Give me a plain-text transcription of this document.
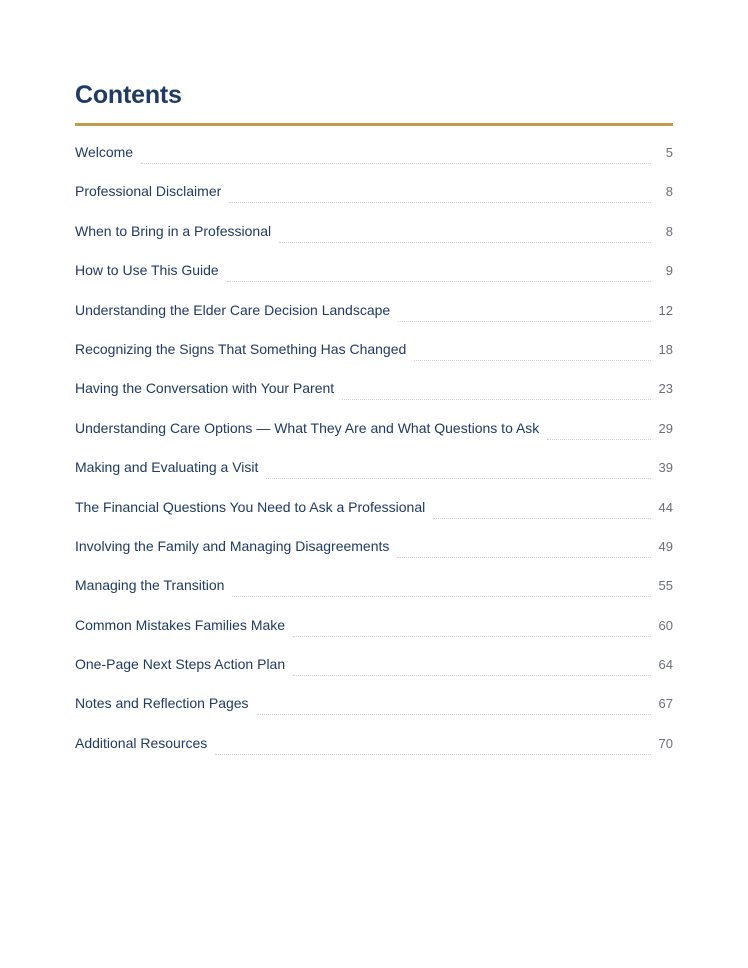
Contents
Welcome	5
Professional Disclaimer	8
When to Bring in a Professional	8
How to Use This Guide	9
Understanding the Elder Care Decision Landscape	12
Recognizing the Signs That Something Has Changed	18
Having the Conversation with Your Parent	23
Understanding Care Options — What They Are and What Questions to Ask	29
Making and Evaluating a Visit	39
The Financial Questions You Need to Ask a Professional	44
Involving the Family and Managing Disagreements	49
Managing the Transition	55
Common Mistakes Families Make	60
One-Page Next Steps Action Plan	64
Notes and Reflection Pages	67
Additional Resources	70
